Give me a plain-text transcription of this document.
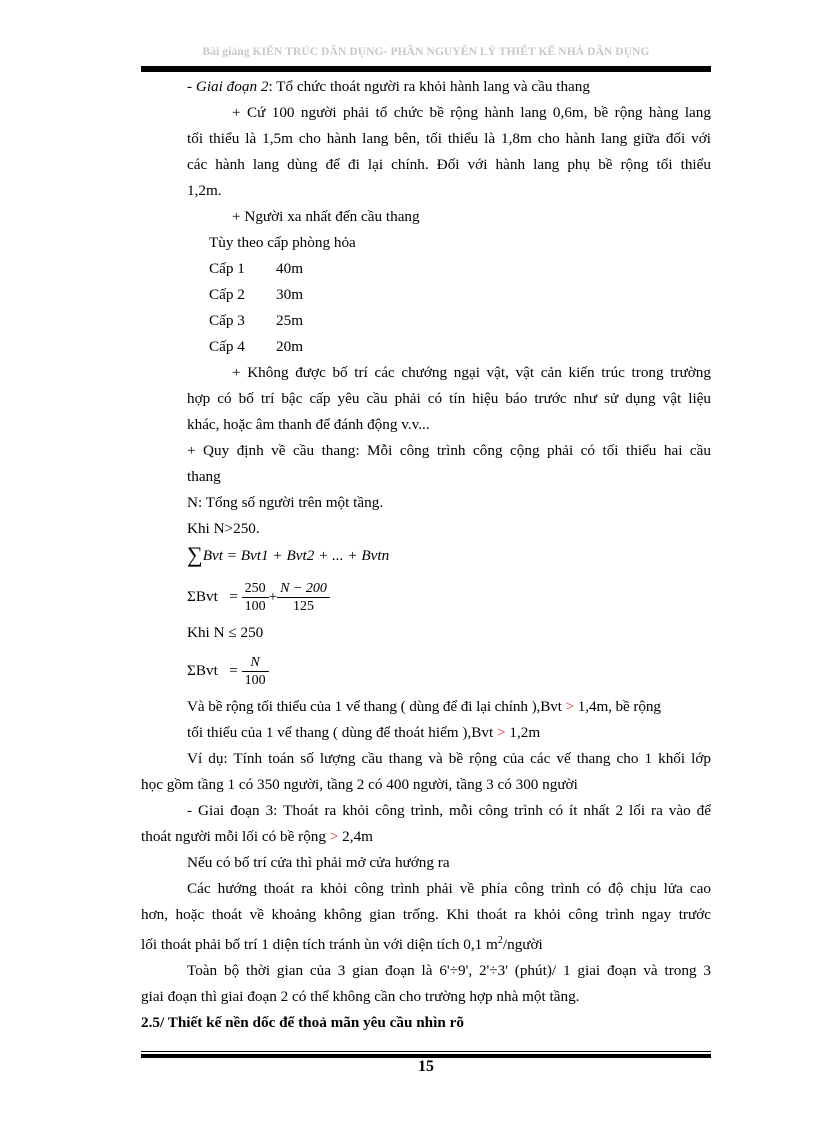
Bài giảng KIẾN TRÚC DÂN DỤNG- PHẦN NGUYÊN LÝ THIẾT KẾ NHÀ DÂN DỤNG
- Giai đoạn 2: Tổ chức thoát người ra khỏi hành lang và cầu thang
+ Cứ 100 người phải tổ chức bề rộng hành lang 0,6m, bề rộng hàng lang
tối thiểu là 1,5m cho hành lang bên, tối thiểu là 1,8m cho hành lang giữa đối với
các hành lang dùng để đi lại chính. Đối với hành lang phụ bề rộng tối thiểu
1,2m.
+ Người xa nhất đến cầu thang
Tùy theo cấp phòng hỏa
Cấp 1 40m
Cấp 2 30m
Cấp 3 25m
Cấp 4 20m
+ Không được bố trí các chướng ngại vật, vật cản kiến trúc trong trường
hợp có bố trí bậc cấp yêu cầu phải có tín hiệu báo trước như sử dụng vật liệu
khác, hoặc âm thanh để đánh động v.v...
+ Quy định về cầu thang: Mỗi công trình công cộng phải có tối thiểu hai cầu
thang
N: Tổng số người trên một tầng.
Khi N>250.
∑Bvt = Bvt1 + Bvt2 + ... + Bvtn
$\Sigma Bvt = \frac{250}{100} + \frac{N - 200}{125}$
Khi N ≤ 250
$\Sigma Bvt = \frac{N}{100}$
Và bề rộng tối thiểu của 1 vế thang ( dùng để đi lại chính ),Bvt > 1,4m, bề rộng
tối thiểu của 1 vế thang ( dùng để thoát hiểm ),Bvt > 1,2m
Ví dụ: Tính toán số lượng cầu thang và bề rộng của các vế thang cho 1 khối lớp
học gồm tầng 1 có 350 người, tầng 2 có 400 người, tầng 3 có 300 người
- Giai đoạn 3: Thoát ra khỏi công trình, mỗi công trình có ít nhất 2 lối ra vào để
thoát người mỗi lối có bề rộng > 2,4m
Nếu có bố trí cửa thì phải mở cửa hướng ra
Các hướng thoát ra khỏi công trình phải về phía công trình có độ chịu lửa cao
hơn, hoặc thoát về khoảng không gian trống. Khi thoát ra khỏi công trình ngay trước
lối thoát phải bố trí 1 diện tích tránh ùn với diện tích 0,1 $m^2$/người
Toàn bộ thời gian của 3 gian đoạn là 6'÷9', 2'÷3' (phút)/ 1 giai đoạn và trong 3
giai đoạn thì giai đoạn 2 có thể không cần cho trường hợp nhà một tầng.
2.5/ Thiết kế nền dốc để thoả mãn yêu cầu nhìn rõ
15
